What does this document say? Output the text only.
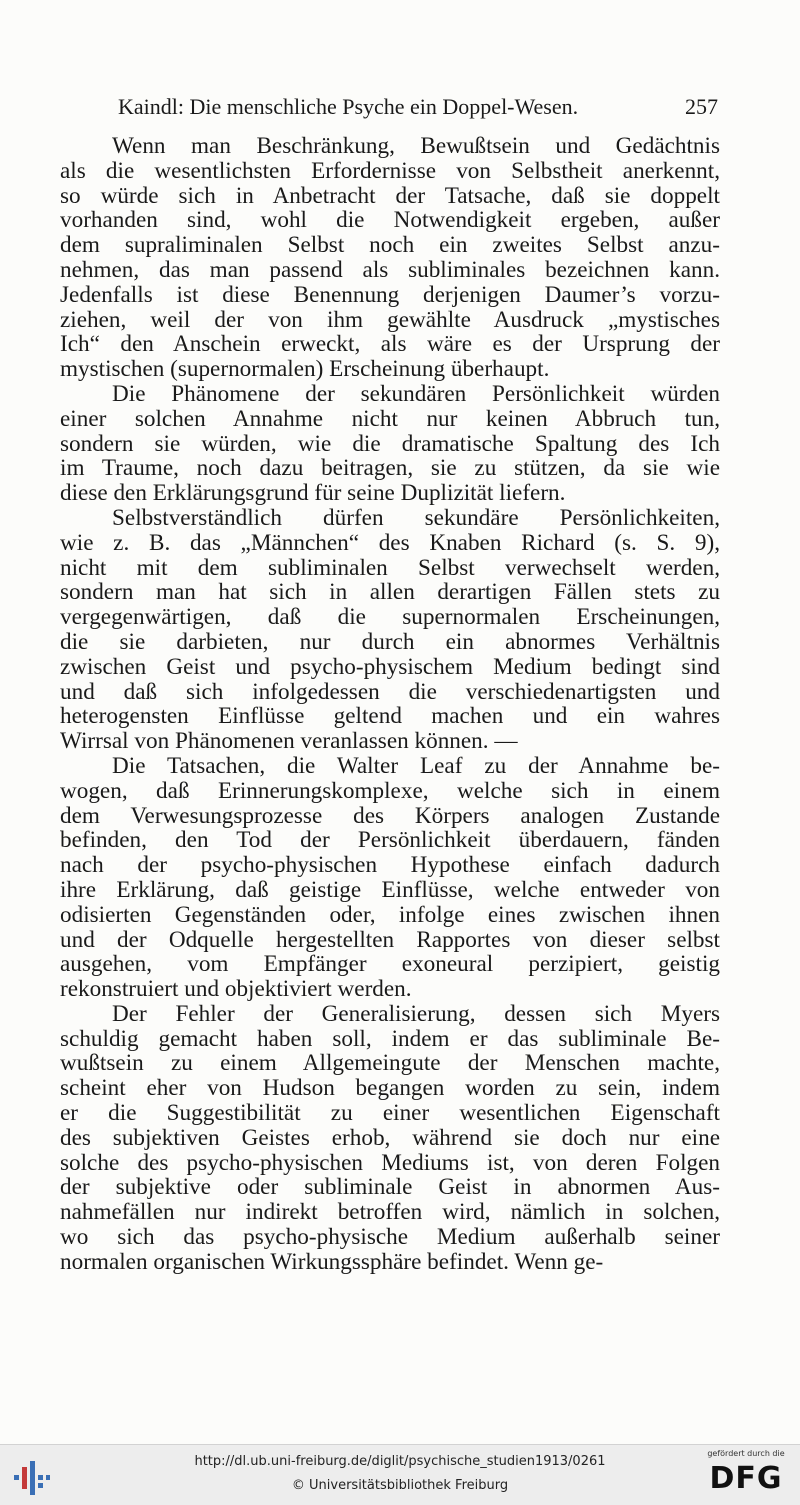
Kaindl: Die menschliche Psyche ein Doppel-Wesen.	257
Wenn man Beschränkung, Bewußtsein und Gedächtnis
als die wesentlichsten Erfordernisse von Selbstheit anerkennt,
so würde sich in Anbetracht der Tatsache, daß sie doppelt
vorhanden sind, wohl die Notwendigkeit ergeben, außer
dem supraliminalen Selbst noch ein zweites Selbst anzu-
nehmen, das man passend als subliminales bezeichnen kann.
Jedenfalls ist diese Benennung derjenigen Daumer’s vorzu-
ziehen, weil der von ihm gewählte Ausdruck „mystisches
Ich“ den Anschein erweckt, als wäre es der Ursprung der
mystischen (supernormalen) Erscheinung überhaupt.
Die Phänomene der sekundären Persönlichkeit würden
einer solchen Annahme nicht nur keinen Abbruch tun,
sondern sie würden, wie die dramatische Spaltung des Ich
im Traume, noch dazu beitragen, sie zu stützen, da sie wie
diese den Erklärungsgrund für seine Duplizität liefern.
Selbstverständlich dürfen sekundäre Persönlichkeiten,
wie z. B. das „Männchen“ des Knaben Richard (s. S. 9),
nicht mit dem subliminalen Selbst verwechselt werden,
sondern man hat sich in allen derartigen Fällen stets zu
vergegenwärtigen, daß die supernormalen Erscheinungen,
die sie darbieten, nur durch ein abnormes Verhältnis
zwischen Geist und psycho-physischem Medium bedingt sind
und daß sich infolgedessen die verschiedenartigsten und
heterogensten Einflüsse geltend machen und ein wahres
Wirrsal von Phänomenen veranlassen können. —
Die Tatsachen, die Walter Leaf zu der Annahme be-
wogen, daß Erinnerungskomplexe, welche sich in einem
dem Verwesungsprozesse des Körpers analogen Zustande
befinden, den Tod der Persönlichkeit überdauern, fänden
nach der psycho-physischen Hypothese einfach dadurch
ihre Erklärung, daß geistige Einflüsse, welche entweder von
odisierten Gegenständen oder, infolge eines zwischen ihnen
und der Odquelle hergestellten Rapportes von dieser selbst
ausgehen, vom Empfänger exoneural perzipiert, geistig
rekonstruiert und objektiviert werden.
Der Fehler der Generalisierung, dessen sich Myers
schuldig gemacht haben soll, indem er das subliminale Be-
wußtsein zu einem Allgemeingute der Menschen machte,
scheint eher von Hudson begangen worden zu sein, indem
er die Suggestibilität zu einer wesentlichen Eigenschaft
des subjektiven Geistes erhob, während sie doch nur eine
solche des psycho-physischen Mediums ist, von deren Folgen
der subjektive oder subliminale Geist in abnormen Aus-
nahmefällen nur indirekt betroffen wird, nämlich in solchen,
wo sich das psycho-physische Medium außerhalb seiner
normalen organischen Wirkungssphäre befindet. Wenn ge-
http://dl.ub.uni-freiburg.de/diglit/psychische_studien1913/0261
© Universitätsbibliothek Freiburg
gefördert durch die
DFG
